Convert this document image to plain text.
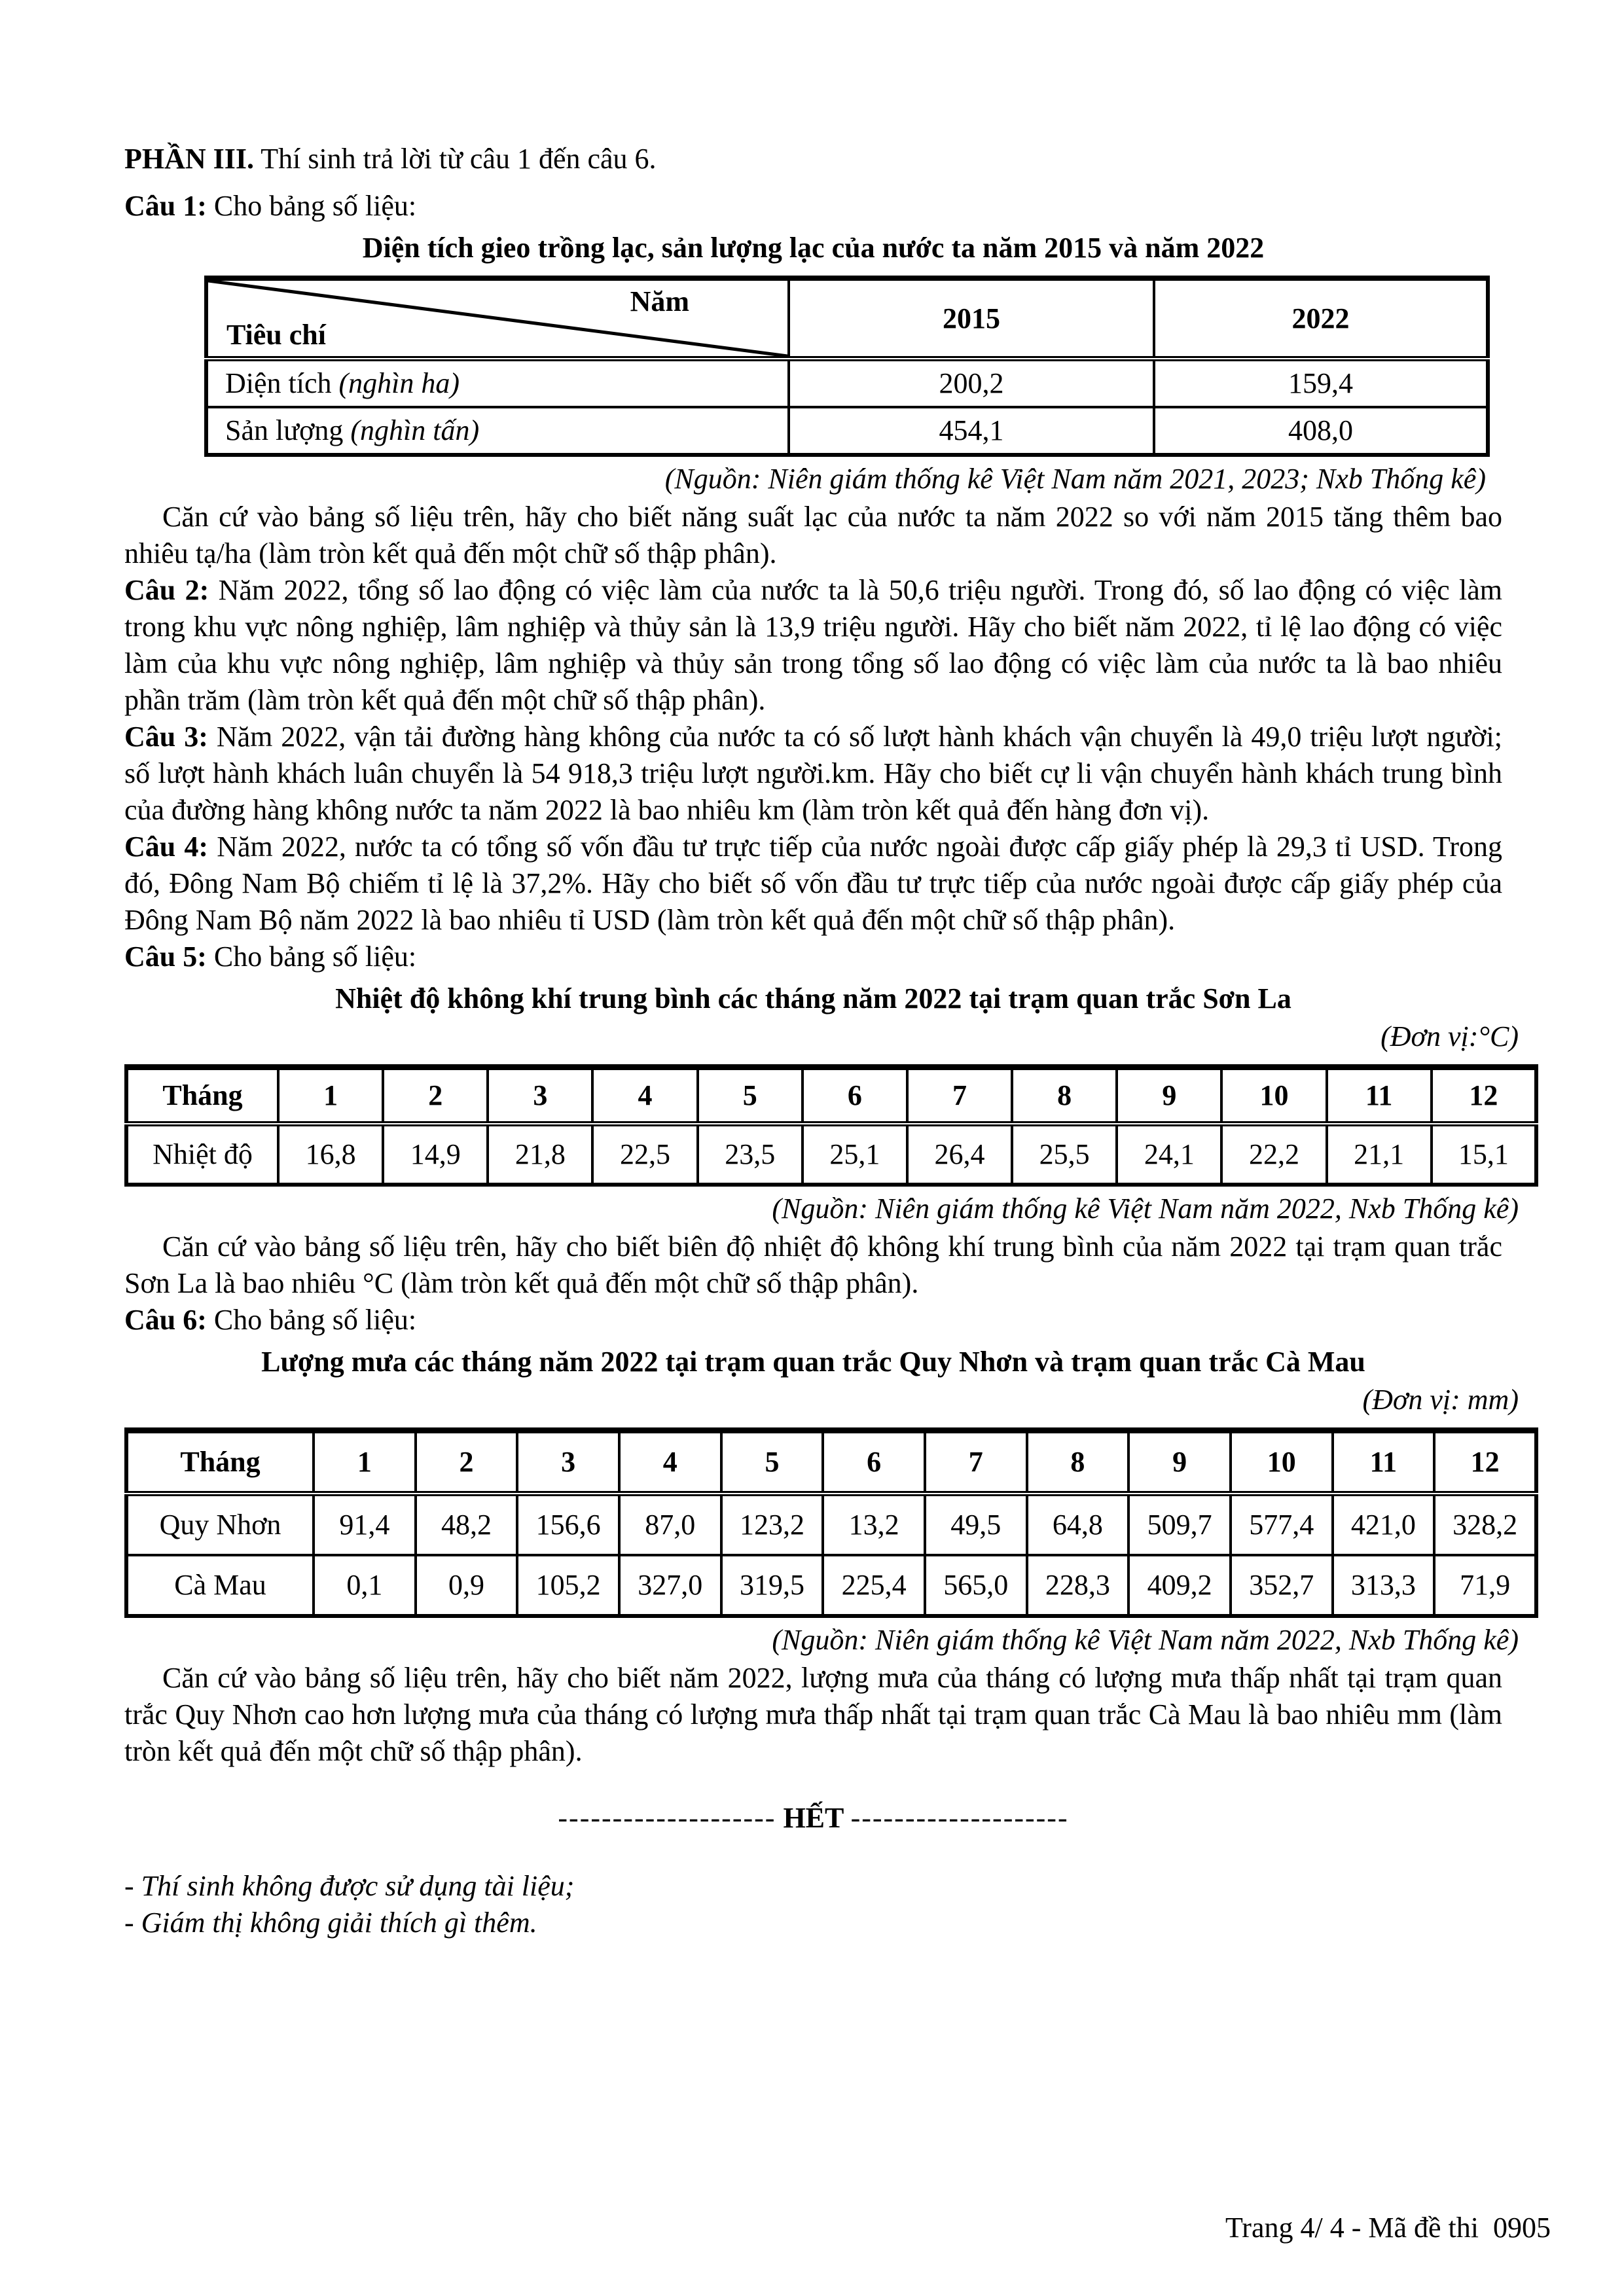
PHẦN III. Thí sinh trả lời từ câu 1 đến câu 6.

Câu 1: Cho bảng số liệu:

Diện tích gieo trồng lạc, sản lượng lạc của nước ta năm 2015 và năm 2022

Năm
Tiêu chí	2015	2022
Diện tích (nghìn ha)	200,2	159,4
Sản lượng (nghìn tấn)	454,1	408,0

(Nguồn: Niên giám thống kê Việt Nam năm 2021, 2023; Nxb Thống kê)

Căn cứ vào bảng số liệu trên, hãy cho biết năng suất lạc của nước ta năm 2022 so với năm 2015 tăng thêm bao nhiêu tạ/ha (làm tròn kết quả đến một chữ số thập phân).

Câu 2: Năm 2022, tổng số lao động có việc làm của nước ta là 50,6 triệu người. Trong đó, số lao động có việc làm trong khu vực nông nghiệp, lâm nghiệp và thủy sản là 13,9 triệu người. Hãy cho biết năm 2022, tỉ lệ lao động có việc làm của khu vực nông nghiệp, lâm nghiệp và thủy sản trong tổng số lao động có việc làm của nước ta là bao nhiêu phần trăm (làm tròn kết quả đến một chữ số thập phân).

Câu 3: Năm 2022, vận tải đường hàng không của nước ta có số lượt hành khách vận chuyển là 49,0 triệu lượt người; số lượt hành khách luân chuyển là 54 918,3 triệu lượt người.km. Hãy cho biết cự li vận chuyển hành khách trung bình của đường hàng không nước ta năm 2022 là bao nhiêu km (làm tròn kết quả đến hàng đơn vị).

Câu 4: Năm 2022, nước ta có tổng số vốn đầu tư trực tiếp của nước ngoài được cấp giấy phép là 29,3 tỉ USD. Trong đó, Đông Nam Bộ chiếm tỉ lệ là 37,2%. Hãy cho biết số vốn đầu tư trực tiếp của nước ngoài được cấp giấy phép của Đông Nam Bộ năm 2022 là bao nhiêu tỉ USD (làm tròn kết quả đến một chữ số thập phân).

Câu 5: Cho bảng số liệu:

Nhiệt độ không khí trung bình các tháng năm 2022 tại trạm quan trắc Sơn La

(Đơn vị:°C)

Tháng	1	2	3	4	5	6	7	8	9	10	11	12
Nhiệt độ	16,8	14,9	21,8	22,5	23,5	25,1	26,4	25,5	24,1	22,2	21,1	15,1

(Nguồn: Niên giám thống kê Việt Nam năm 2022, Nxb Thống kê)

Căn cứ vào bảng số liệu trên, hãy cho biết biên độ nhiệt độ không khí trung bình của năm 2022 tại trạm quan trắc Sơn La là bao nhiêu °C (làm tròn kết quả đến một chữ số thập phân).

Câu 6: Cho bảng số liệu:

Lượng mưa các tháng năm 2022 tại trạm quan trắc Quy Nhơn và trạm quan trắc Cà Mau

(Đơn vị: mm)

Tháng	1	2	3	4	5	6	7	8	9	10	11	12
Quy Nhơn	91,4	48,2	156,6	87,0	123,2	13,2	49,5	64,8	509,7	577,4	421,0	328,2
Cà Mau	0,1	0,9	105,2	327,0	319,5	225,4	565,0	228,3	409,2	352,7	313,3	71,9

(Nguồn: Niên giám thống kê Việt Nam năm 2022, Nxb Thống kê)

Căn cứ vào bảng số liệu trên, hãy cho biết năm 2022, lượng mưa của tháng có lượng mưa thấp nhất tại trạm quan trắc Quy Nhơn cao hơn lượng mưa của tháng có lượng mưa thấp nhất tại trạm quan trắc Cà Mau là bao nhiêu mm (làm tròn kết quả đến một chữ số thập phân).

-------------------- HẾT --------------------

- Thí sinh không được sử dụng tài liệu;

- Giám thị không giải thích gì thêm.

Trang 4/ 4 - Mã đề thi  0905
